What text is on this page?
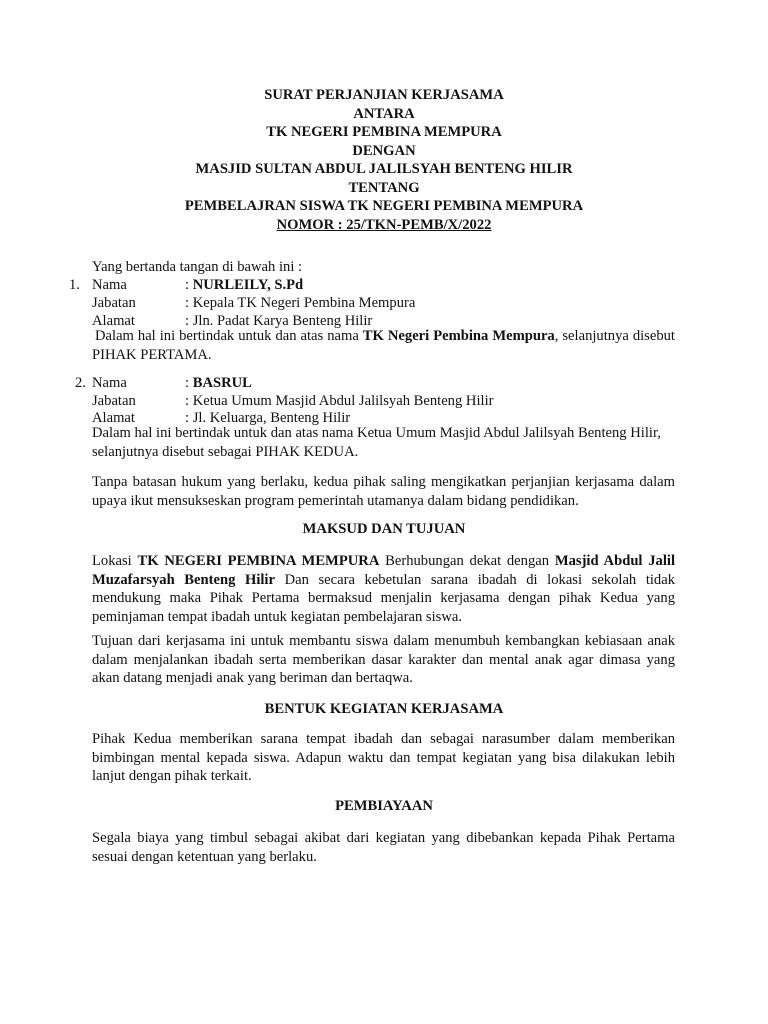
SURAT PERJANJIAN KERJASAMA
ANTARA
TK NEGERI PEMBINA MEMPURA
DENGAN
MASJID SULTAN ABDUL JALILSYAH BENTENG HILIR
TENTANG
PEMBELAJRAN SISWA TK NEGERI PEMBINA MEMPURA
NOMOR : 25/TKN-PEMB/X/2022
Yang bertanda tangan di bawah ini :
1. Nama	: NURLEILY, S.Pd
Jabatan	: Kepala TK Negeri Pembina Mempura
Alamat	: Jln. Padat Karya Benteng Hilir
Dalam hal ini bertindak untuk dan atas nama TK Negeri Pembina Mempura, selanjutnya disebut PIHAK PERTAMA.
2. Nama	: BASRUL
Jabatan	: Ketua Umum Masjid Abdul Jalilsyah Benteng Hilir
Alamat	: Jl. Keluarga, Benteng Hilir
Dalam hal ini bertindak untuk dan atas nama Ketua Umum Masjid Abdul Jalilsyah Benteng Hilir, selanjutnya disebut sebagai PIHAK KEDUA.
Tanpa batasan hukum yang berlaku, kedua pihak saling mengikatkan perjanjian kerjasama dalam upaya ikut mensukseskan program pemerintah utamanya dalam bidang pendidikan.
MAKSUD DAN TUJUAN
Lokasi TK NEGERI PEMBINA MEMPURA Berhubungan dekat dengan Masjid Abdul Jalil Muzafarsyah Benteng Hilir Dan secara kebetulan sarana ibadah di lokasi sekolah tidak mendukung maka Pihak Pertama bermaksud menjalin kerjasama dengan pihak Kedua yang peminjaman tempat ibadah untuk kegiatan pembelajaran siswa.
Tujuan dari kerjasama ini untuk membantu siswa dalam menumbuh kembangkan kebiasaan anak dalam menjalankan ibadah serta memberikan dasar karakter dan mental anak agar dimasa yang akan datang menjadi anak yang beriman dan bertaqwa.
BENTUK KEGIATAN KERJASAMA
Pihak Kedua memberikan sarana tempat ibadah dan sebagai narasumber dalam memberikan bimbingan mental kepada siswa. Adapun waktu dan tempat kegiatan yang bisa dilakukan lebih lanjut dengan pihak terkait.
PEMBIAYAAN
Segala biaya yang timbul sebagai akibat dari kegiatan yang dibebankan kepada Pihak Pertama sesuai dengan ketentuan yang berlaku.
